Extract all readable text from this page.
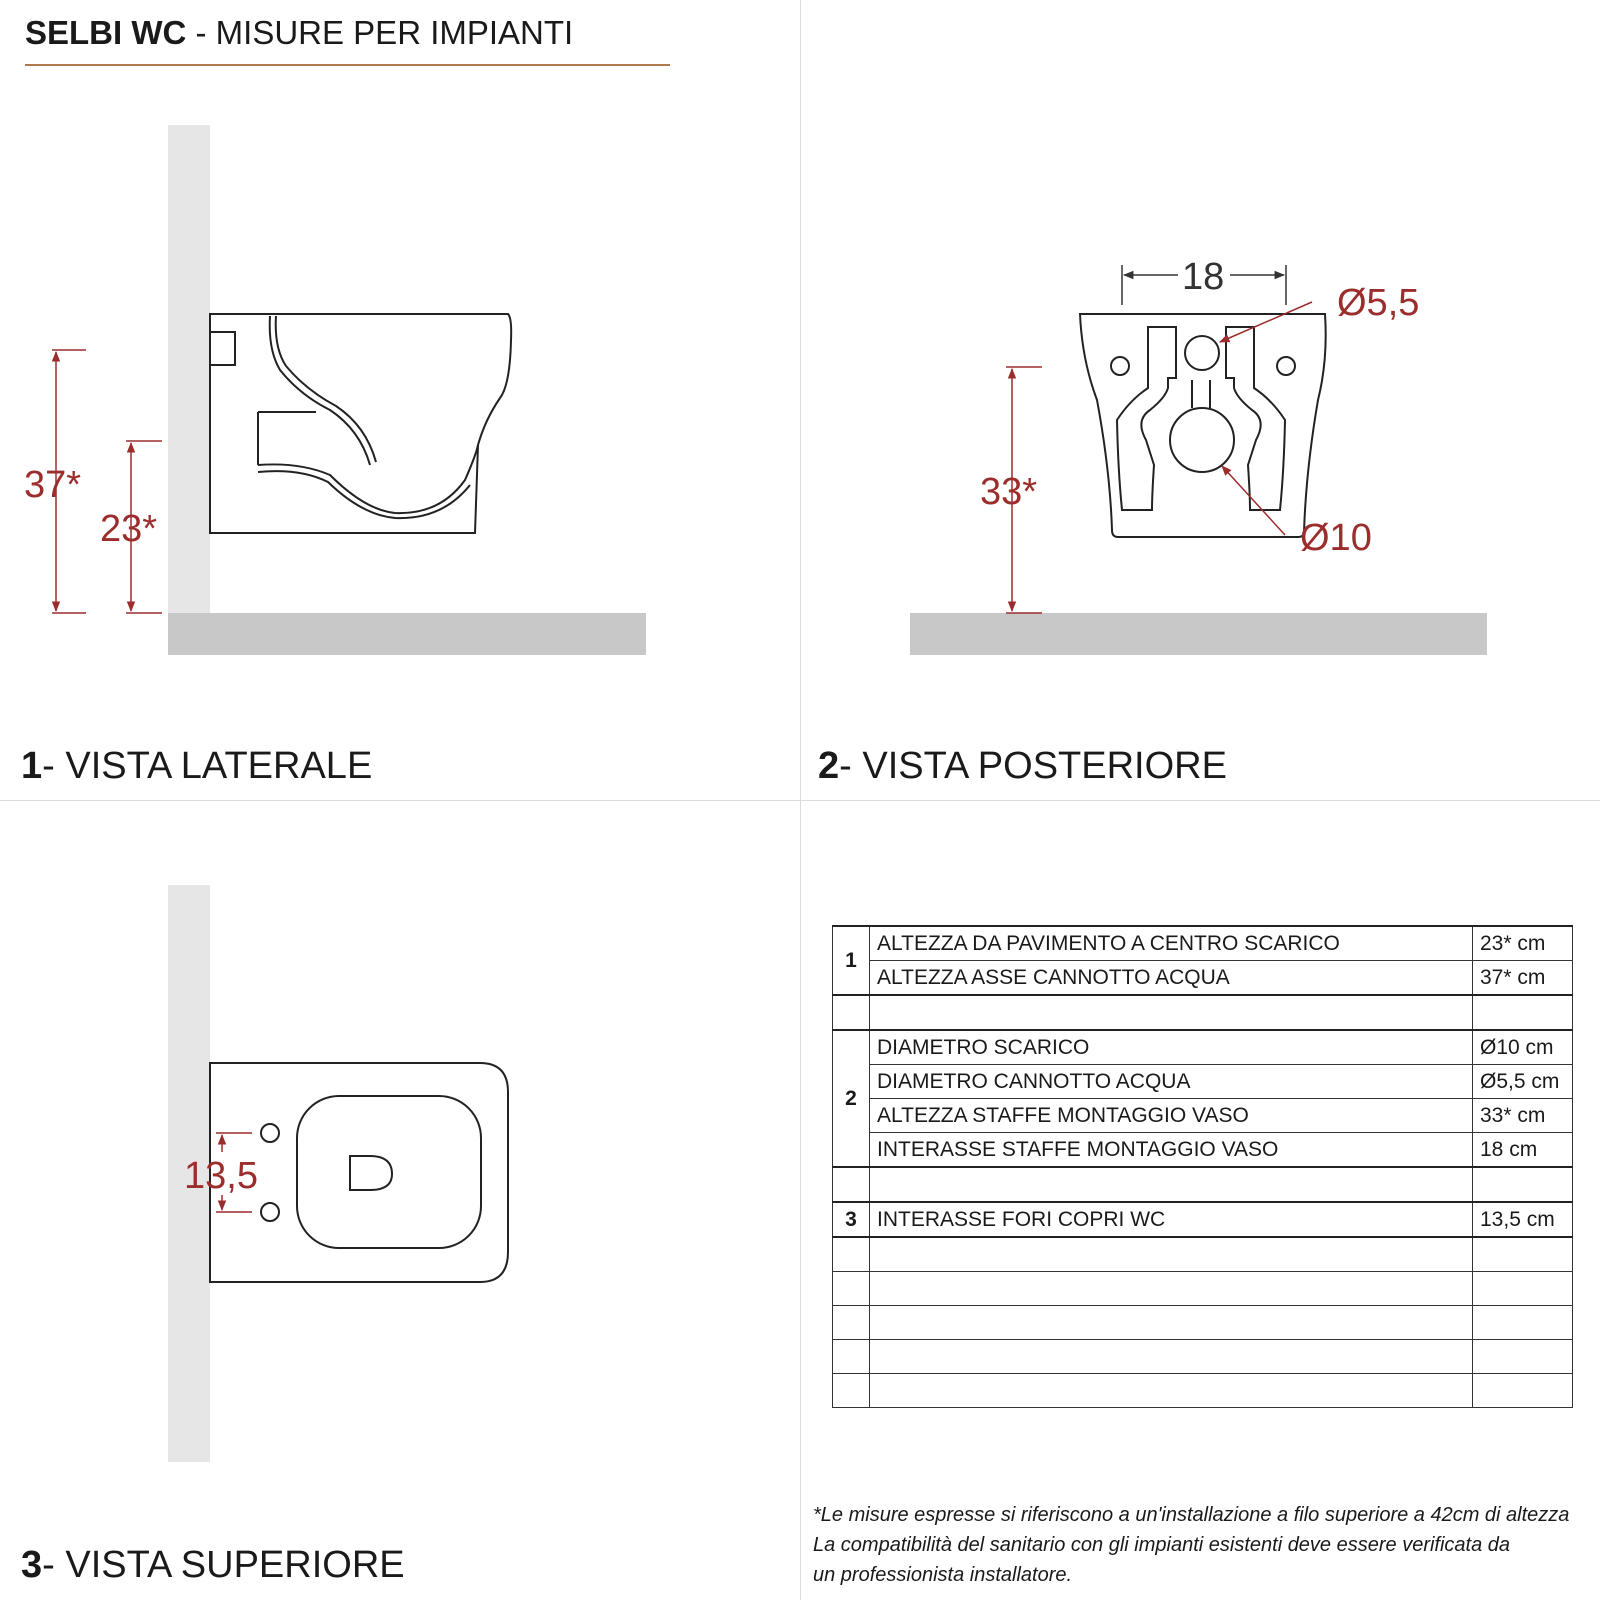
SELBI WC - MISURE PER IMPIANTI
37*
23*
18
Ø5,5
33*
Ø10
13,5
1- VISTA LATERALE	2- VISTA POSTERIORE
3- VISTA SUPERIORE
1	ALTEZZA DA PAVIMENTO A CENTRO SCARICO	23* cm
	ALTEZZA ASSE CANNOTTO ACQUA	37* cm

2	DIAMETRO SCARICO	Ø10 cm
	DIAMETRO CANNOTTO ACQUA	Ø5,5 cm
	ALTEZZA STAFFE MONTAGGIO VASO	33* cm
	INTERASSE STAFFE MONTAGGIO VASO	18 cm

3	INTERASSE FORI COPRI WC	13,5 cm

*Le misure espresse si riferiscono a un'installazione a filo superiore a 42cm di altezza
La compatibilità del sanitario con gli impianti esistenti deve essere verificata da
un professionista installatore.
